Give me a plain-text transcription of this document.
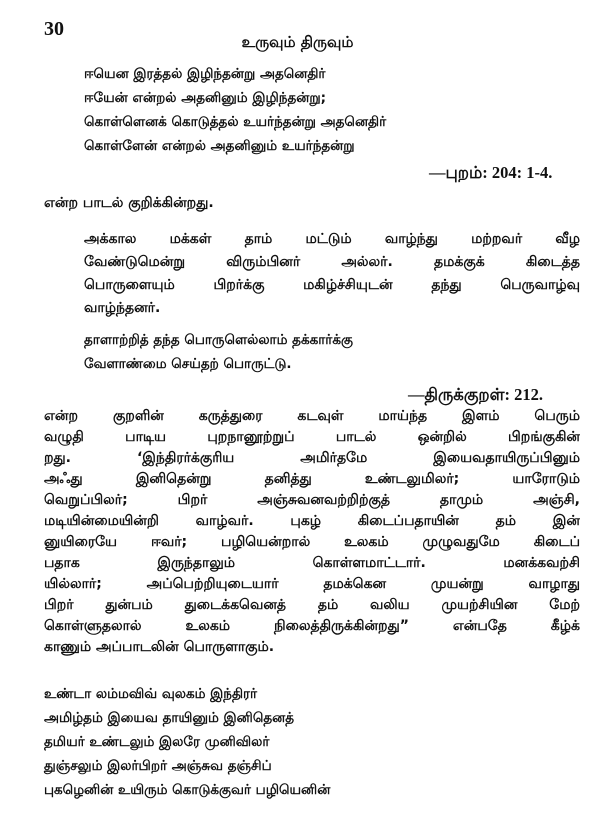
30
உருவும் திருவும்
ஈயென இரத்தல் இழிந்தன்று அதனெதிர்
ஈயேன் என்றல் அதனினும் இழிந்தன்று;
கொள்ளெனக் கொடுத்தல் உயர்ந்தன்று அதனெதிர்
கொள்ளேன் என்றல் அதனினும் உயர்ந்தன்று
—புறம்: 204: 1-4.
என்ற பாடல் குறிக்கின்றது.
அக்கால மக்கள் தாம் மட்டும் வாழ்ந்து மற்றவர் வீழ
வேண்டுமென்று விரும்பினர் அல்லர். தமக்குக் கிடைத்த
பொருளையும் பிறர்க்கு மகிழ்ச்சியுடன் தந்து பெருவாழ்வு
வாழ்ந்தனர்.
தாளாற்றித் தந்த பொருளெல்லாம் தக்கார்க்கு
வேளாண்மை செய்தற் பொருட்டு.
—திருக்குறள்: 212.
என்ற குறளின் கருத்துரை கடவுள் மாய்ந்த இளம் பெரும்
வழுதி பாடிய புறநானூற்றுப் பாடல் ஒன்றில் பிறங்குகின்
றது. ‘இந்திரர்க்குரிய அமிர்தமே இயைவதாயிருப்பினும்
அஃது இனிதென்று தனித்து உண்டலுமிலர்; யாரோடும்
வெறுப்பிலர்; பிறர் அஞ்சுவனவற்றிற்குத் தாமும் அஞ்சி,
மடியின்மையின்றி வாழ்வர். புகழ் கிடைப்பதாயின் தம் இன்
னுயிரையே ஈவர்; பழியென்றால் உலகம் முழுவதுமே கிடைப்
பதாக இருந்தாலும் கொள்ளமாட்டார். மனக்கவற்சி
யில்லார்; அப்பெற்றியுடையார் தமக்கென முயன்று வாழாது
பிறர் துன்பம் துடைக்கவெனத் தம் வலிய முயற்சியின மேற்
கொள்ளுதலால் உலகம் நிலைத்திருக்கின்றது” என்பதே கீழ்க்
காணும் அப்பாடலின் பொருளாகும்.
உண்டா லம்மவிவ் வுலகம் இந்திரர்
அமிழ்தம் இயைவ தாயினும் இனிதெனத்
தமியர் உண்டலும் இலரே முனிவிலர்
துஞ்சலும் இலர்பிறர் அஞ்சுவ தஞ்சிப்
புகழெனின் உயிரும் கொடுக்குவர் பழியெனின்
